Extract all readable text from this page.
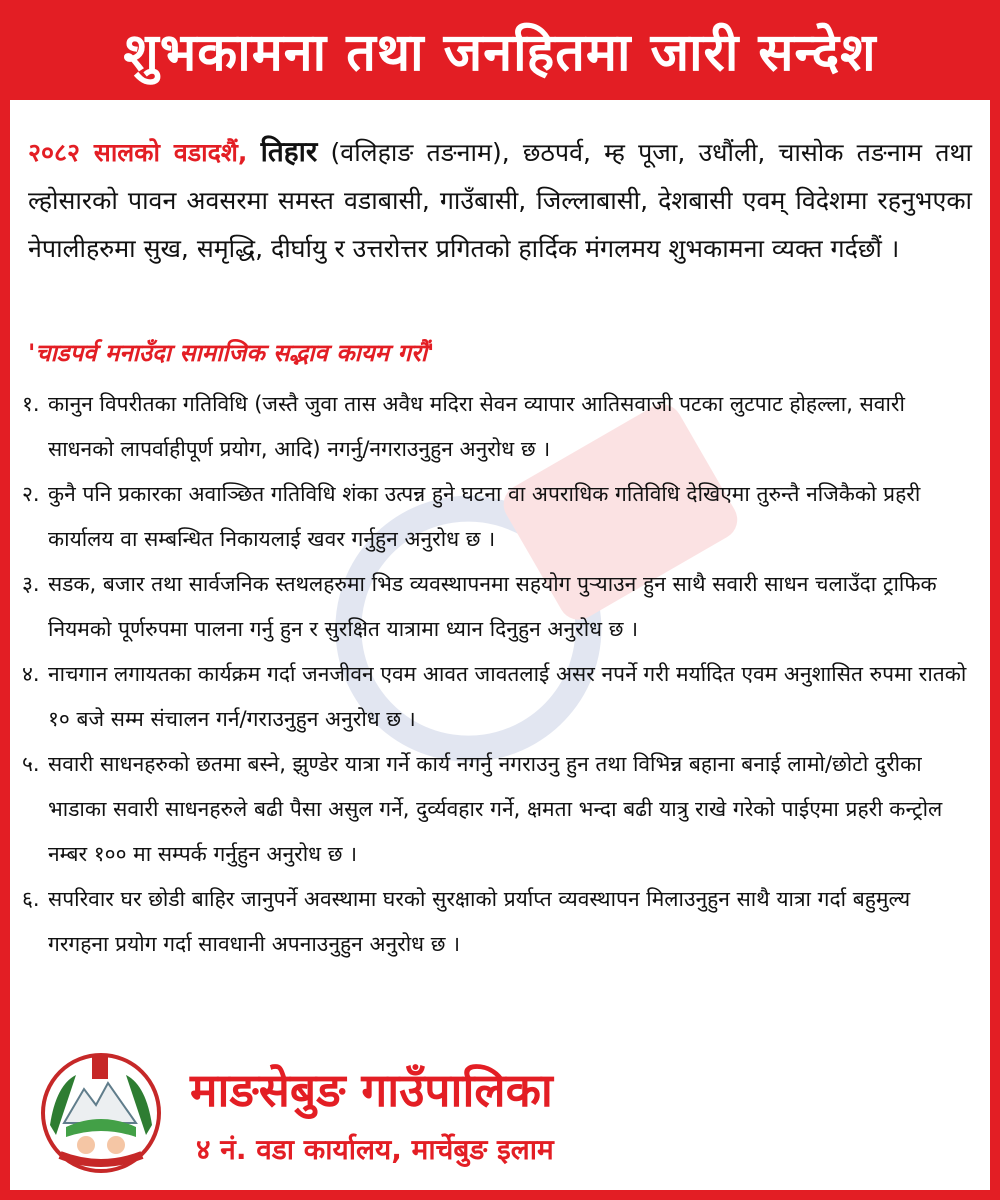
शुभकामना तथा जनहितमा जारी सन्देश
२०८२ सालको वडादशैं, तिहार (वलिहाङ तङनाम), छठपर्व, म्ह पूजा, उधौंली, चासोक तङनाम तथा ल्होसारको पावन अवसरमा समस्त वडाबासी, गाउँबासी, जिल्लाबासी, देशबासी एवम् विदेशमा रहनुभएका नेपालीहरुमा सुख, समृद्धि, दीर्घायु र उत्तरोत्तर प्रगितको हार्दिक मंगलमय शुभकामना व्यक्त गर्दछौं ।
'चाडपर्व मनाउँदा सामाजिक सद्भाव कायम गरौं'
१. कानुन विपरीतका गतिविधि (जस्तै जुवा तास अवैध मदिरा सेवन व्यापार आतिसवाजी पटका लुटपाट होहल्ला, सवारी साधनको लापर्वाहीपूर्ण प्रयोग, आदि) नगर्नु/नगराउनुहुन अनुरोध छ ।
२. कुनै पनि प्रकारका अवाञ्छित गतिविधि शंका उत्पन्न हुने घटना वा अपराधिक गतिविधि देखिएमा तुरुन्तै नजिकैको प्रहरी कार्यालय वा सम्बन्धित निकायलाई खवर गर्नुहुन अनुरोध छ ।
३. सडक, बजार तथा सार्वजनिक स्तथलहरुमा भिड व्यवस्थापनमा सहयोग पुर्‍याउन हुन साथै सवारी साधन चलाउँदा ट्राफिक नियमको पूर्णरुपमा पालना गर्नु हुन र सुरक्षित यात्रामा ध्यान दिनुहुन अनुरोध छ ।
४. नाचगान लगायतका कार्यक्रम गर्दा जनजीवन एवम आवत जावतलाई असर नपर्ने गरी मर्यादित एवम अनुशासित रुपमा रातको १० बजे सम्म संचालन गर्न/गराउनुहुन अनुरोध छ ।
५. सवारी साधनहरुको छतमा बस्ने, झुण्डेर यात्रा गर्ने कार्य नगर्नु नगराउनु हुन तथा विभिन्न बहाना बनाई लामो/छोटो दुरीका भाडाका सवारी साधनहरुले बढी पैसा असुल गर्ने, दुर्व्यवहार गर्ने, क्षमता भन्दा बढी यात्रु राखे गरेको पाईएमा प्रहरी कन्ट्रोल नम्बर १०० मा सम्पर्क गर्नुहुन अनुरोध छ ।
६. सपरिवार घर छोडी बाहिर जानुपर्ने अवस्थामा घरको सुरक्षाको प्रर्याप्त व्यवस्थापन मिलाउनुहुन साथै यात्रा गर्दा बहुमुल्य गरगहना प्रयोग गर्दा सावधानी अपनाउनुहुन अनुरोध छ ।
माङसेबुङ गाउँपालिका
४ नं. वडा कार्यालय, मार्चेबुङ इलाम
